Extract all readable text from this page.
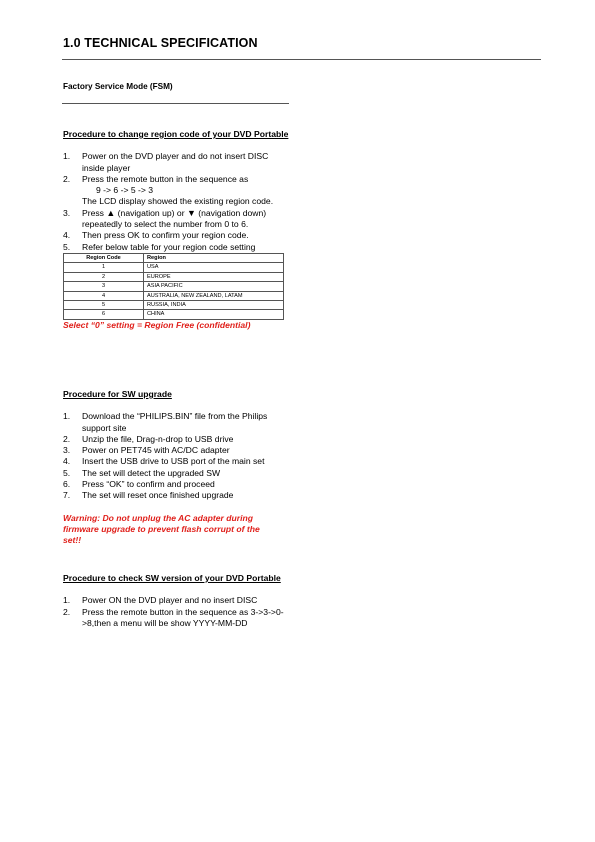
1.0 TECHNICAL SPECIFICATION
Factory Service Mode (FSM)
Procedure to change region code of your DVD Portable
1. Power on the DVD player and do not insert DISC inside player
2. Press the remote button in the sequence as
9 -> 6 -> 5 -> 3
The LCD display showed the existing region code.
3. Press ▲ (navigation up) or ▼ (navigation down) repeatedly to select the number from 0 to 6.
4. Then press OK to confirm your region code.
5. Refer below table for your region code setting
Region Code	Region
1	USA
2	EUROPE
3	ASIA PACIFIC
4	AUSTRALIA, NEW ZEALAND, LATAM
5	RUSSIA, INDIA
6	CHINA
Select “0” setting = Region Free (confidential)
Procedure for SW upgrade
1. Download the “PHILIPS.BIN” file from the Philips support site
2. Unzip the file, Drag-n-drop to USB drive
3. Power on PET745 with AC/DC adapter
4. Insert the USB drive to USB port of the main set
5. The set will detect the upgraded SW
6. Press “OK” to confirm and proceed
7. The set will reset once finished upgrade
Warning: Do not unplug the AC adapter during firmware upgrade to prevent flash corrupt of the set!!
Procedure to check SW version of your DVD Portable
1. Power ON the DVD player and no insert DISC
2. Press the remote button in the sequence as 3->3->0->8,then a menu will be show YYYY-MM-DD
